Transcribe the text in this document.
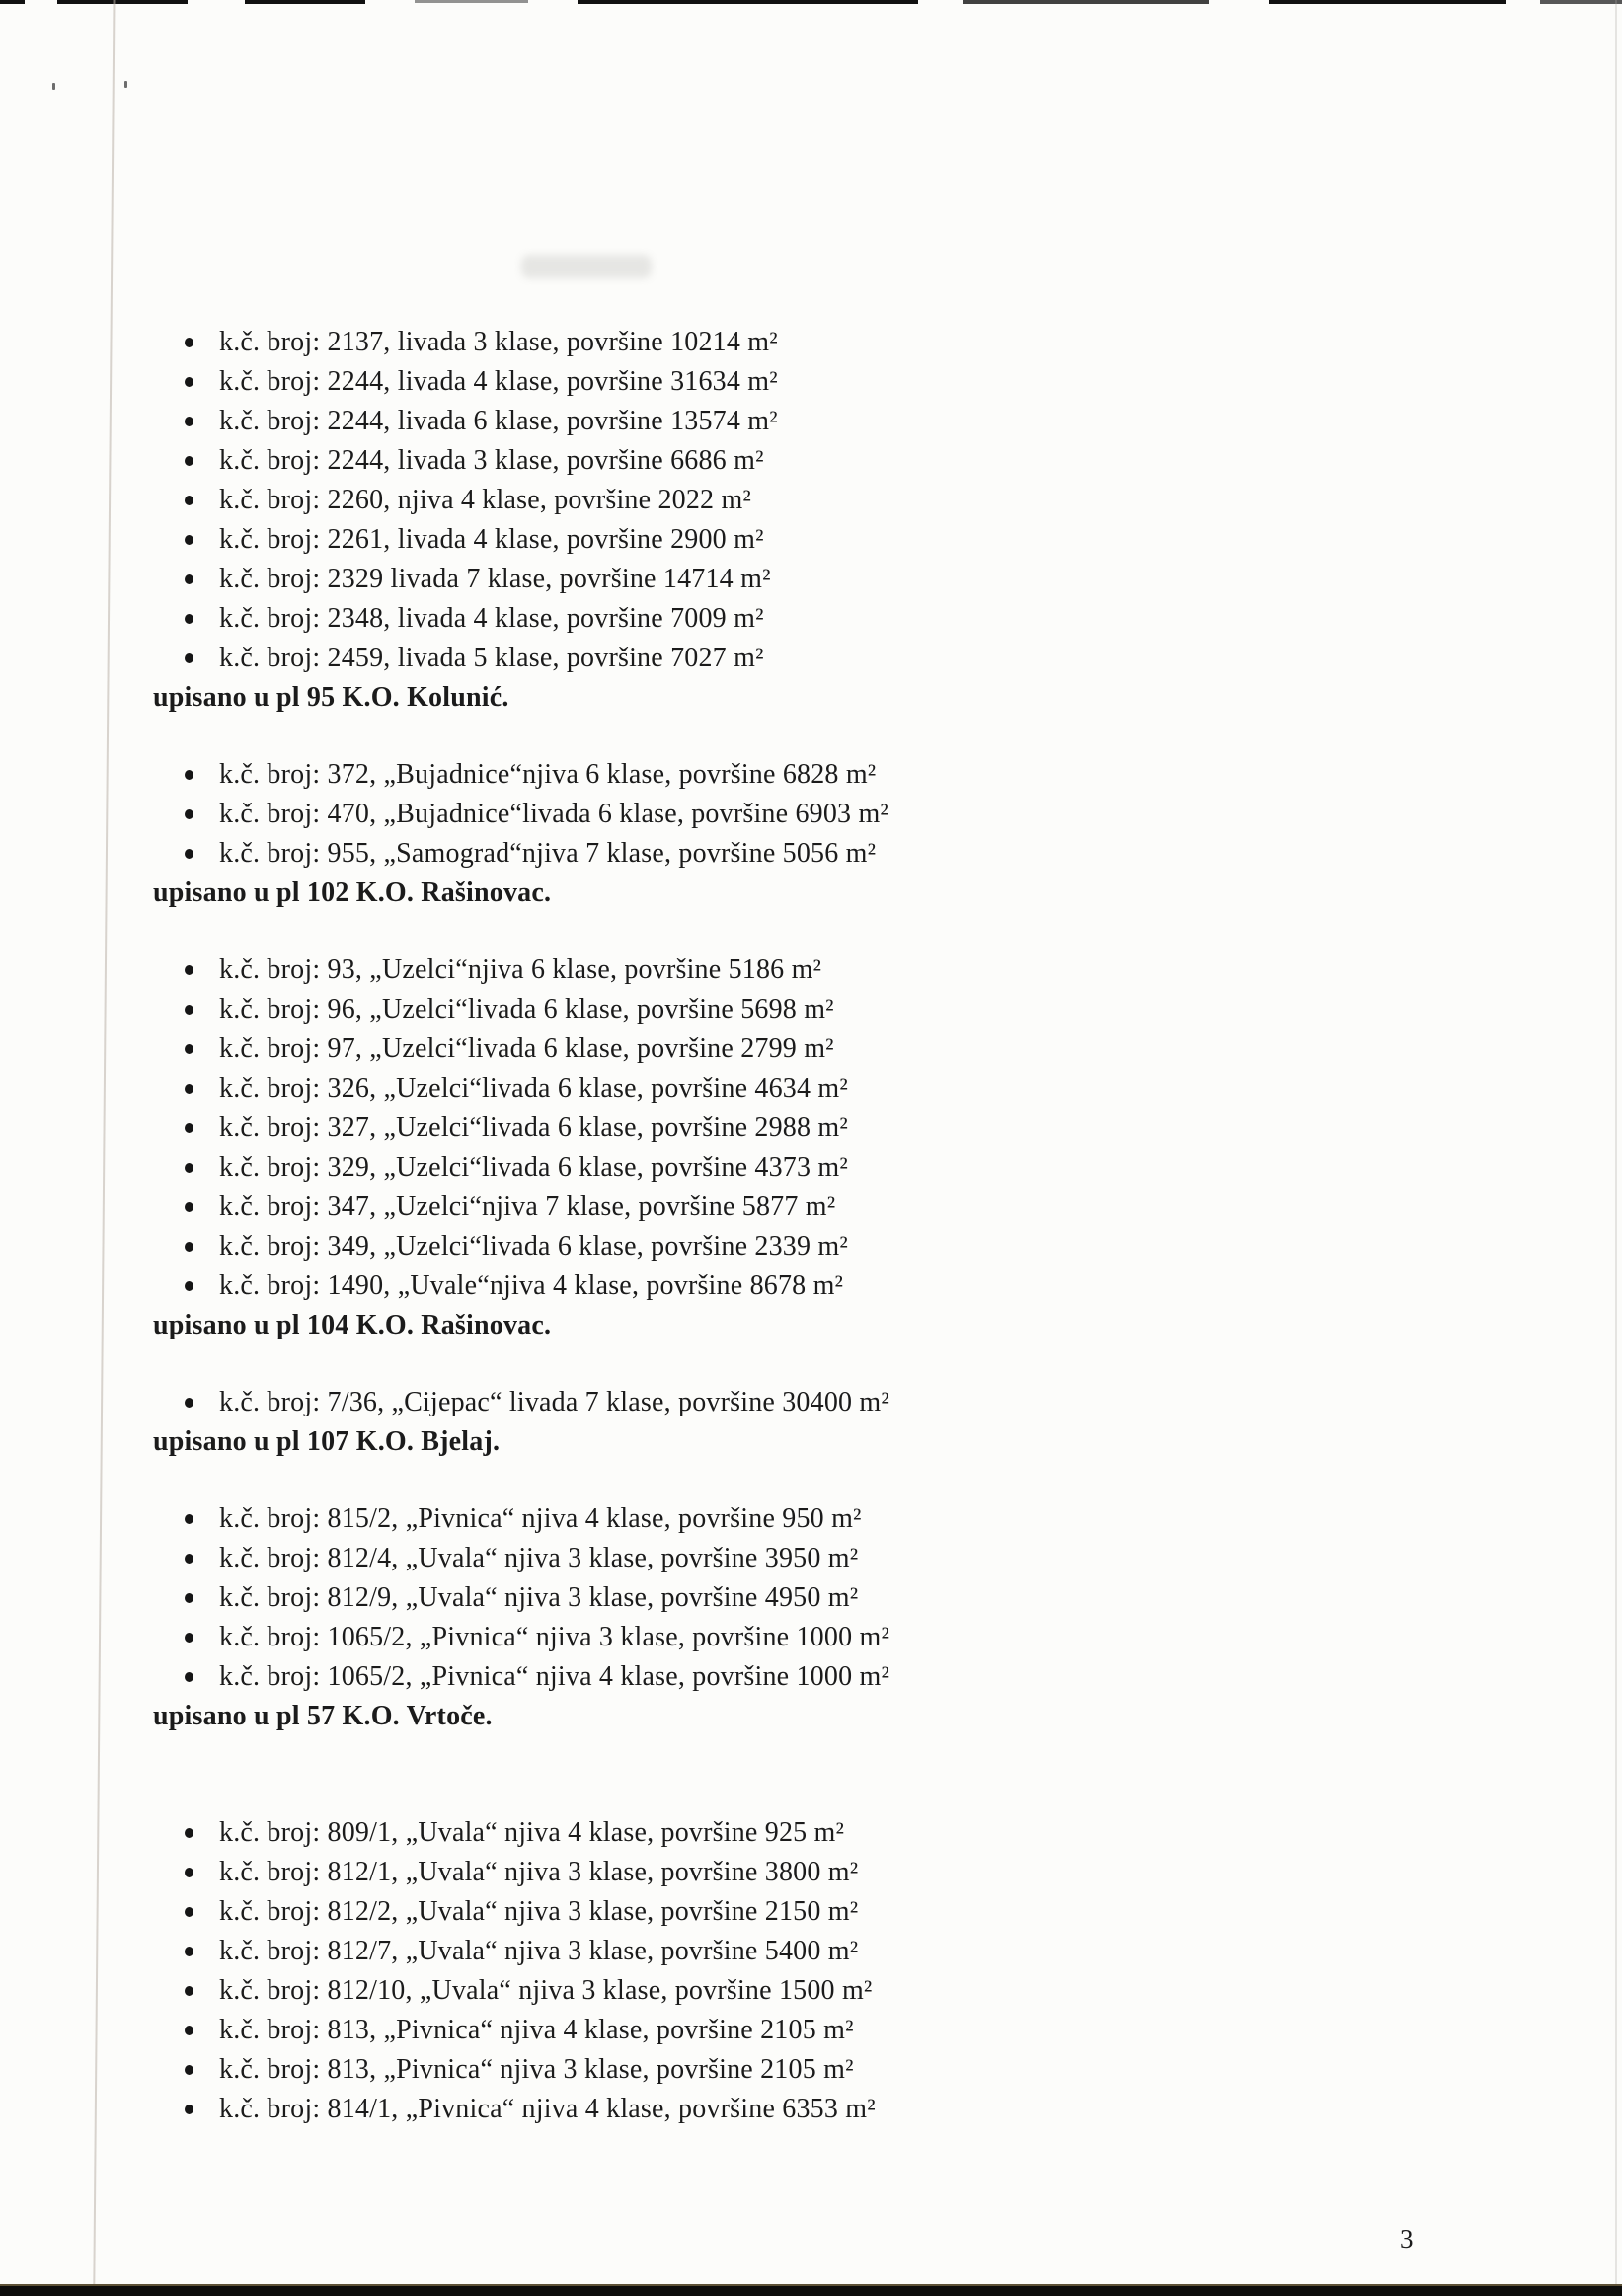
k.č. broj: 2137, livada 3 klase, površine 10214 m²
k.č. broj: 2244, livada 4 klase, površine 31634 m²
k.č. broj: 2244, livada 6 klase, površine 13574 m²
k.č. broj: 2244, livada 3 klase, površine 6686 m²
k.č. broj: 2260, njiva 4 klase, površine 2022 m²
k.č. broj: 2261, livada 4 klase, površine 2900 m²
k.č. broj: 2329 livada 7 klase, površine 14714 m²
k.č. broj: 2348, livada 4 klase, površine 7009 m²
k.č. broj: 2459, livada 5 klase, površine 7027 m²
upisano u pl 95 K.O. Kolunić.
k.č. broj: 372, „Bujadnice“njiva 6 klase, površine 6828 m²
k.č. broj: 470, „Bujadnice“livada 6 klase, površine 6903 m²
k.č. broj: 955, „Samograd“njiva 7 klase, površine 5056 m²
upisano u pl 102 K.O. Rašinovac.
k.č. broj: 93, „Uzelci“njiva 6 klase, površine 5186 m²
k.č. broj: 96, „Uzelci“livada 6 klase, površine 5698 m²
k.č. broj: 97, „Uzelci“livada 6 klase, površine 2799 m²
k.č. broj: 326, „Uzelci“livada 6 klase, površine 4634 m²
k.č. broj: 327, „Uzelci“livada 6 klase, površine 2988 m²
k.č. broj: 329, „Uzelci“livada 6 klase, površine 4373 m²
k.č. broj: 347, „Uzelci“njiva 7 klase, površine 5877 m²
k.č. broj: 349, „Uzelci“livada 6 klase, površine 2339 m²
k.č. broj: 1490, „Uvale“njiva 4 klase, površine 8678 m²
upisano u pl 104 K.O. Rašinovac.
k.č. broj: 7/36, „Cijepac“ livada 7 klase, površine 30400 m²
upisano u pl 107 K.O. Bjelaj.
k.č. broj: 815/2, „Pivnica“ njiva 4 klase, površine 950 m²
k.č. broj: 812/4, „Uvala“ njiva 3 klase, površine 3950 m²
k.č. broj: 812/9, „Uvala“ njiva 3 klase, površine 4950 m²
k.č. broj: 1065/2, „Pivnica“ njiva 3 klase, površine 1000 m²
k.č. broj: 1065/2, „Pivnica“ njiva 4 klase, površine 1000 m²
upisano u pl 57 K.O. Vrtoče.
k.č. broj: 809/1, „Uvala“ njiva 4 klase, površine 925 m²
k.č. broj: 812/1, „Uvala“ njiva 3 klase, površine 3800 m²
k.č. broj: 812/2, „Uvala“ njiva 3 klase, površine 2150 m²
k.č. broj: 812/7, „Uvala“ njiva 3 klase, površine 5400 m²
k.č. broj: 812/10, „Uvala“ njiva 3 klase, površine 1500 m²
k.č. broj: 813, „Pivnica“ njiva 4 klase, površine 2105 m²
k.č. broj: 813, „Pivnica“ njiva 3 klase, površine 2105 m²
k.č. broj: 814/1, „Pivnica“ njiva 4 klase, površine 6353 m²
3
